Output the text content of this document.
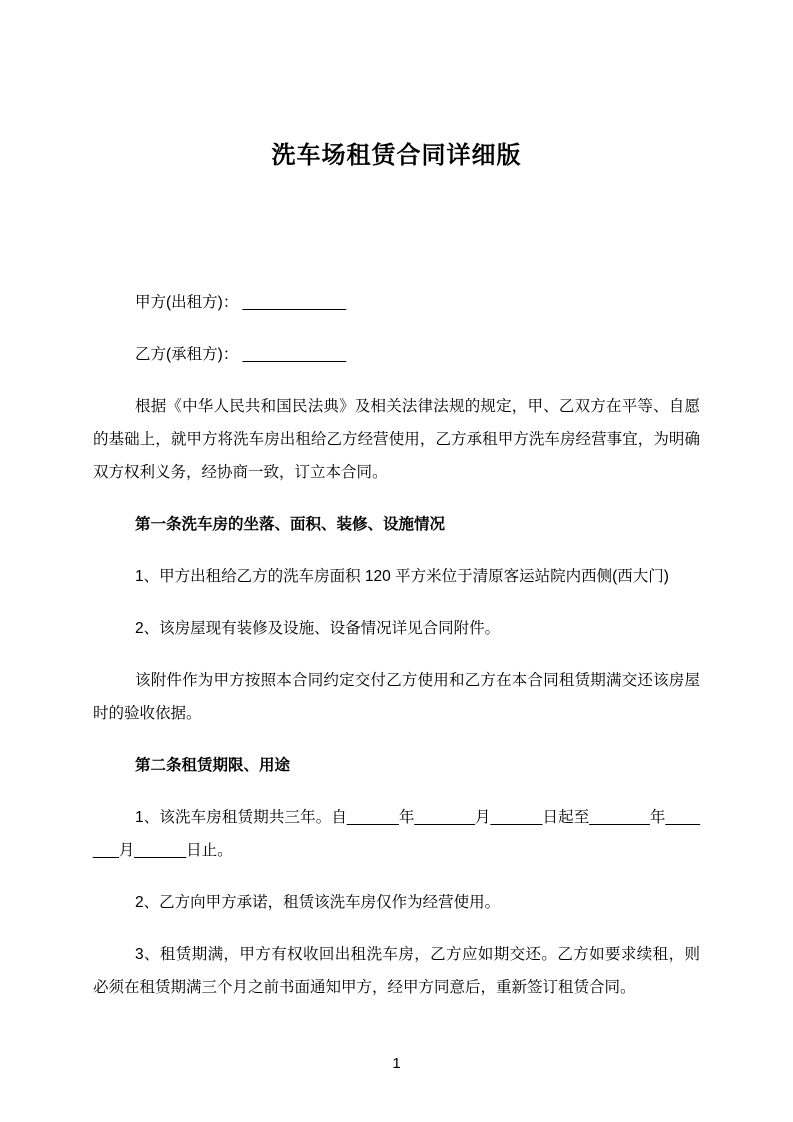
洗车场租赁合同详细版

甲方(出租方)： ____________

乙方(承租方)： ____________

根据《中华人民共和国民法典》及相关法律法规的规定，甲、乙双方在平等、自愿的基础上，就甲方将洗车房出租给乙方经营使用，乙方承租甲方洗车房经营事宜，为明确双方权利义务，经协商一致，订立本合同。

第一条洗车房的坐落、面积、装修、设施情况

1、甲方出租给乙方的洗车房面积 120 平方米位于清原客运站院内西侧(西大门)

2、该房屋现有装修及设施、设备情况详见合同附件。

该附件作为甲方按照本合同约定交付乙方使用和乙方在本合同租赁期满交还该房屋时的验收依据。

第二条租赁期限、用途

1、该洗车房租赁期共三年。自______年_______月______日起至_______年_______月______日止。

2、乙方向甲方承诺，租赁该洗车房仅作为经营使用。

3、租赁期满，甲方有权收回出租洗车房，乙方应如期交还。乙方如要求续租，则必须在租赁期满三个月之前书面通知甲方，经甲方同意后，重新签订租赁合同。

1
